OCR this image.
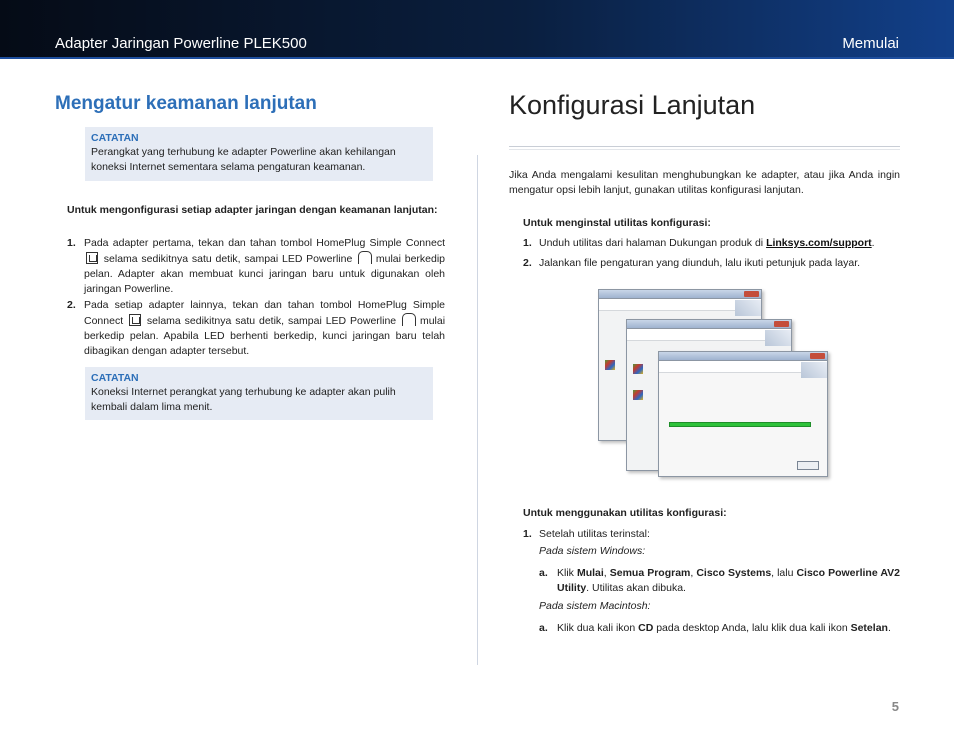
Adapter Jaringan Powerline PLEK500	Memulai
Mengatur keamanan lanjutan
CATATAN
Perangkat yang terhubung ke adapter Powerline akan kehilangan koneksi Internet sementara selama pengaturan keamanan.
Untuk mengonfigurasi setiap adapter jaringan dengan keamanan lanjutan:
1. Pada adapter pertama, tekan dan tahan tombol HomePlug Simple Connect  selama sedikitnya satu detik, sampai LED Powerline mulai berkedip pelan. Adapter akan membuat kunci jaringan baru untuk digunakan oleh jaringan Powerline.
2. Pada setiap adapter lainnya, tekan dan tahan tombol HomePlug Simple Connect selama sedikitnya satu detik, sampai LED Powerline mulai berkedip pelan. Apabila LED berhenti berkedip, kunci jaringan baru telah dibagikan dengan adapter tersebut.
CATATAN
Koneksi Internet perangkat yang terhubung ke adapter akan pulih kembali dalam lima menit.
Konfigurasi Lanjutan
Jika Anda mengalami kesulitan menghubungkan ke adapter, atau jika Anda ingin mengatur opsi lebih lanjut, gunakan utilitas konfigurasi lanjutan.
Untuk menginstal utilitas konfigurasi:
1. Unduh utilitas dari halaman Dukungan produk di Linksys.com/support.
2. Jalankan file pengaturan yang diunduh, lalu ikuti petunjuk pada layar.
Untuk menggunakan utilitas konfigurasi:
1. Setelah utilitas terinstal:
Pada sistem Windows:
a. Klik Mulai, Semua Program, Cisco Systems, lalu Cisco Powerline AV2 Utility. Utilitas akan dibuka.
Pada sistem Macintosh:
a. Klik dua kali ikon CD pada desktop Anda, lalu klik dua kali ikon Setelan.
5
